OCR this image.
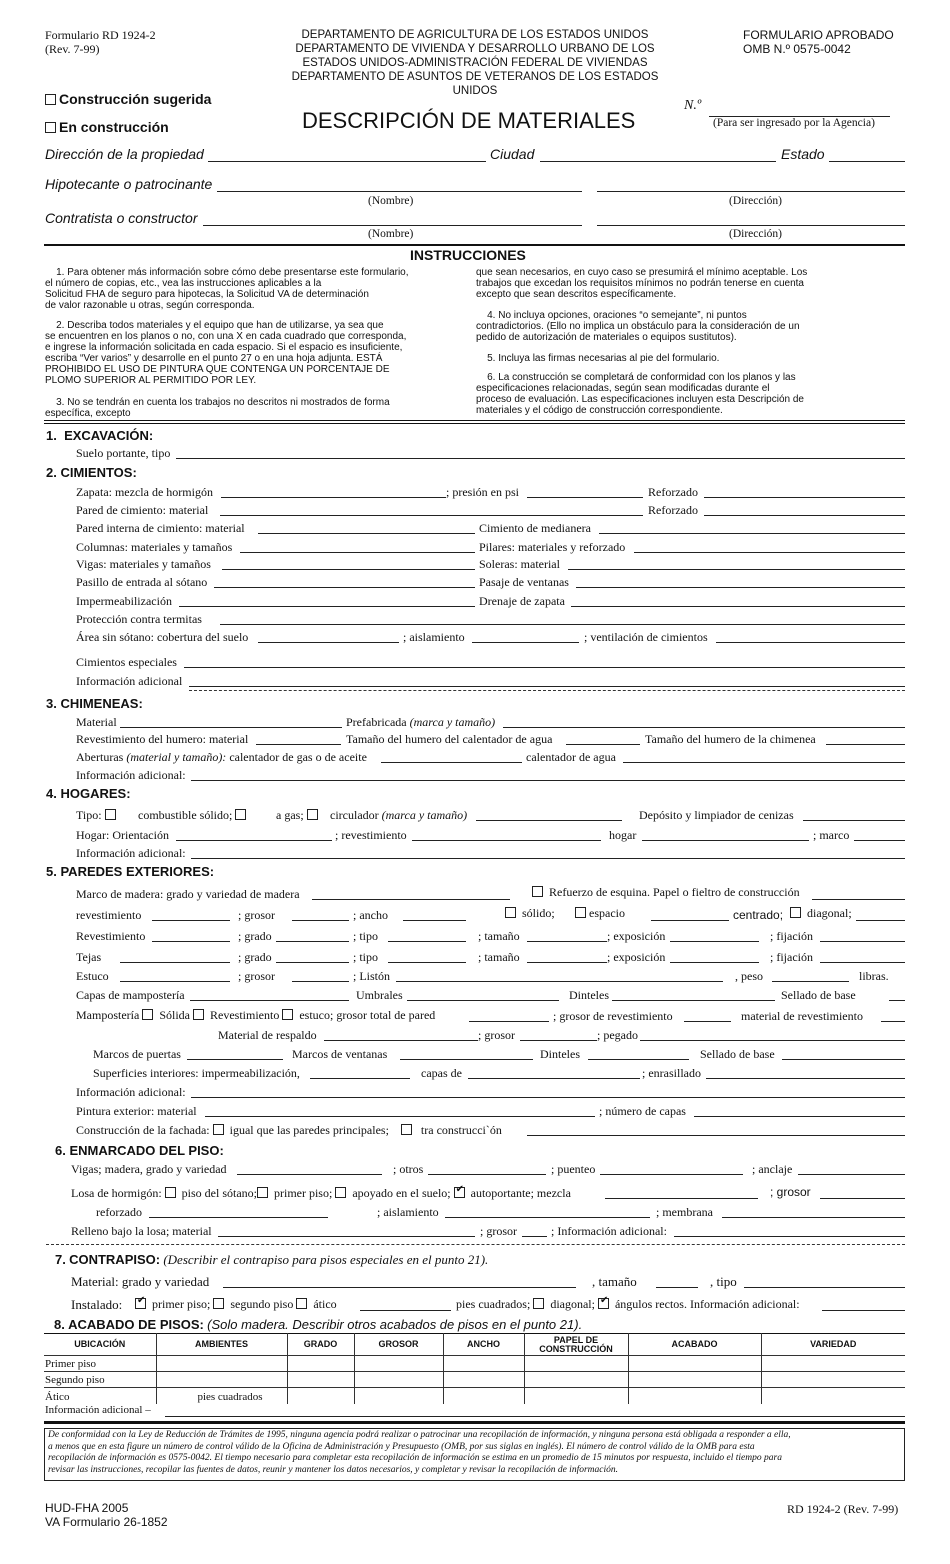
Formulario RD 1924-2
(Rev. 7-99)
DEPARTAMENTO DE AGRICULTURA DE LOS ESTADOS UNIDOS
DEPARTAMENTO DE VIVIENDA Y DESARROLLO URBANO DE LOS
ESTADOS UNIDOS-ADMINISTRACIÓN FEDERAL DE VIVIENDAS
DEPARTAMENTO DE ASUNTOS DE VETERANOS DE LOS ESTADOS
UNIDOS
FORMULARIO APROBADO
OMB N.º 0575-0042
Construcción sugerida
En construcción	DESCRIPCIÓN DE MATERIALES
N.º
(Para ser ingresado por la Agencia)
Dirección de la propiedad	Ciudad	Estado
Hipotecante o patrocinante
(Nombre)	(Dirección)
Contratista o constructor
(Nombre)	(Dirección)
INSTRUCCIONES
1. Para obtener más información sobre cómo debe presentarse este formulario,
el número de copias, etc., vea las instrucciones aplicables a la
Solicitud FHA de seguro para hipotecas, la Solicitud VA de determinación
de valor razonable u otras, según corresponda.
2. Describa todos materiales y el equipo que han de utilizarse, ya sea que
se encuentren en los planos o no, con una X en cada cuadrado que corresponda,
e ingrese la información solicitada en cada espacio. Si el espacio es insuficiente,
escriba “Ver varios” y desarrolle en el punto 27 o en una hoja adjunta. ESTÁ
PROHIBIDO EL USO DE PINTURA QUE CONTENGA UN PORCENTAJE DE
PLOMO SUPERIOR AL PERMITIDO POR LEY.
3. No se tendrán en cuenta los trabajos no descritos ni mostrados de forma
específica, excepto
que sean necesarios, en cuyo caso se presumirá el mínimo aceptable. Los
trabajos que excedan los requisitos mínimos no podrán tenerse en cuenta
excepto que sean descritos específicamente.
4. No incluya opciones, oraciones “o semejante”, ni puntos
contradictorios. (Ello no implica un obstáculo para la consideración de un
pedido de autorización de materiales o equipos sustitutos).
5. Incluya las firmas necesarias al pie del formulario.
6. La construcción se completará de conformidad con los planos y las
especificaciones relacionadas, según sean modificadas durante el
proceso de evaluación. Las especificaciones incluyen esta Descripción de
materiales y el código de construcción correspondiente.
1. EXCAVACIÓN:
Suelo portante, tipo
2. CIMIENTOS:
Zapata: mezcla de hormigón	; presión en psi	Reforzado
Pared de cimiento: material	Reforzado
Pared interna de cimiento: material	Cimiento de medianera
Columnas: materiales y tamaños	Pilares: materiales y reforzado
Vigas: materiales y tamaños	Soleras: material
Pasillo de entrada al sótano	Pasaje de ventanas
Impermeabilización	Drenaje de zapata
Protección contra termitas
Área sin sótano: cobertura del suelo	; aislamiento	; ventilación de cimientos
Cimientos especiales
Información adicional
3. CHIMENEAS:
Material	Prefabricada (marca y tamaño)
Revestimiento del humero: material	Tamaño del humero del calentador de agua	Tamaño del humero de la chimenea
Aberturas (material y tamaño): calentador de gas o de aceite	calentador de agua
Información adicional:
4. HOGARES:
Tipo:	combustible sólido;	a gas;	circulador (marca y tamaño)	Depósito y limpiador de cenizas
Hogar: Orientación	; revestimiento	hogar	; marco
Información adicional:
5. PAREDES EXTERIORES:
Marco de madera: grado y variedad de madera	Refuerzo de esquina. Papel o fieltro de construcción
revestimiento	; grosor	; ancho	sólido;	espacio	centrado;	diagonal;
Revestimiento	; grado	; tipo	; tamaño	; exposición	; fijación
Tejas	; grado	; tipo	; tamaño	; exposición	; fijación
Estuco	; grosor	; Listón	, peso	libras.
Capas de mampostería	Umbrales	Dinteles	Sellado de base
Mampostería Sólida Revestimiento estuco; grosor total de pared	; grosor de revestimiento	material de revestimiento
Material de respaldo	; grosor	; pegado
Marcos de puertas	Marcos de ventanas	Dinteles	Sellado de base
Superficies interiores: impermeabilización,	capas de	; enrasillado
Información adicional:
Pintura exterior: material	; número de capas
Construcción de la fachada: igual que las paredes principales;	tra construcci`ón
6. ENMARCADO DEL PISO:
Vigas; madera, grado y variedad	; otros	; puenteo	; anclaje
Losa de hormigón: piso del sótano; primer piso; apoyado en el suelo; ✔ autoportante; mezcla	; grosor
reforzado	; aislamiento	; membrana
Relleno bajo la losa; material	; grosor	; Información adicional:
7. CONTRAPISO: (Describir el contrapiso para pisos especiales en el punto 21).
Material: grado y variedad	, tamaño	, tipo
Instalado: ✔	primer piso; segundo piso ático	pies cuadrados; diagonal; ✔ ángulos rectos. Información adicional:
8. ACABADO DE PISOS: (Solo madera. Describir otros acabados de pisos en el punto 21).
UBICACIÓN	AMBIENTES	GRADO	GROSOR	ANCHO	PAPEL DE CONSTRUCCIÓN	ACABADO	VARIEDAD
Primer piso							
Segundo piso							
Ático	pies cuadrados						
Información adicional –
De conformidad con la Ley de Reducción de Trámites de 1995, ninguna agencia podrá realizar o patrocinar una recopilación de información, y ninguna persona está obligada a responder a ella,
a menos que en esta figure un número de control válido de la Oficina de Administración y Presupuesto (OMB, por sus siglas en inglés). El número de control válido de la OMB para esta
recopilación de información es 0575-0042. El tiempo necesario para completar esta recopilación de información se estima en un promedio de 15 minutos por respuesta, incluido el tiempo para
revisar las instrucciones, recopilar las fuentes de datos, reunir y mantener los datos necesarios, y completar y revisar la recopilación de información.
HUD-FHA 2005
VA Formulario 26-1852
RD 1924-2 (Rev. 7-99)
